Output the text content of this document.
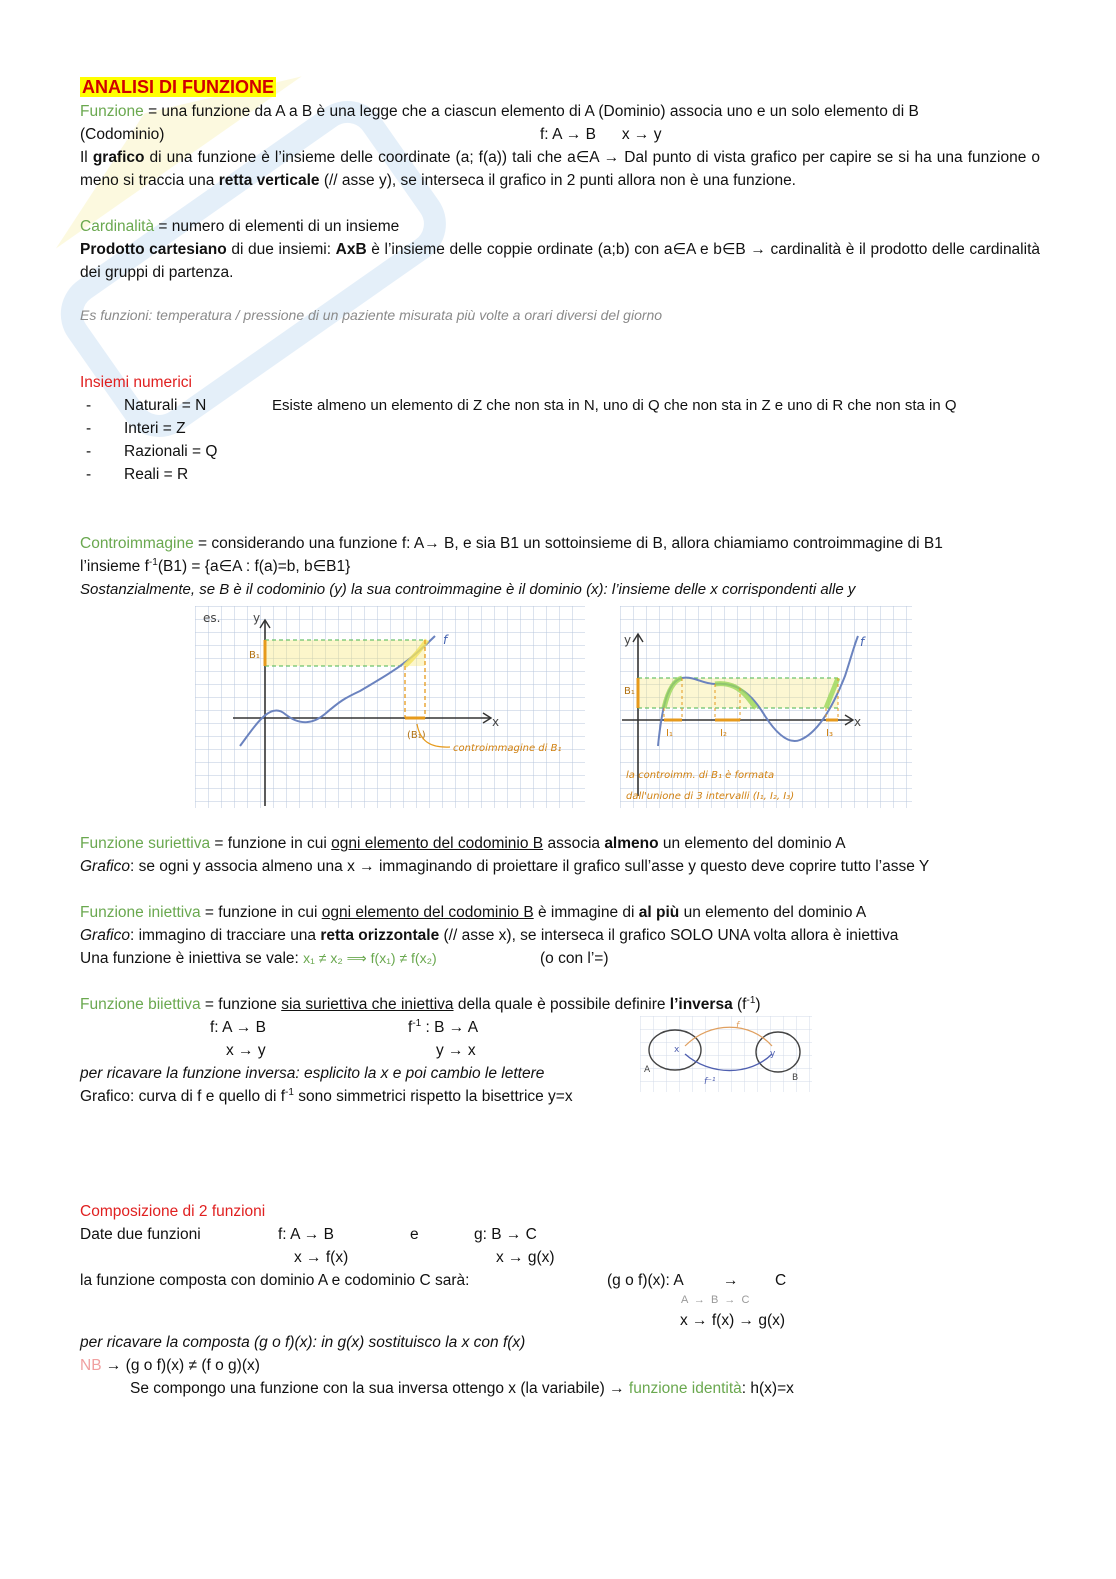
ANALISI DI FUNZIONE
Funzione = una funzione da A a B è una legge che a ciascun elemento di A (Dominio) associa uno e un solo elemento di B
(Codominio)	f: A → B      x → y
Il grafico di una funzione è l’insieme delle coordinate (a; f(a)) tali che a∈A → Dal punto di vista grafico per capire se si ha una funzione o meno si traccia una retta verticale (// asse y), se interseca il grafico in 2 punti allora non è una funzione.
Cardinalità = numero di elementi di un insieme
Prodotto cartesiano di due insiemi: AxB è l’insieme delle coppie ordinate (a;b) con a∈A e b∈B → cardinalità è il prodotto delle cardinalità dei gruppi di partenza.
Es funzioni: temperatura / pressione di un paziente misurata più volte a orari diversi del giorno
Insiemi numerici
- Naturali = N
- Interi = Z
- Razionali = Q
- Reali = R
Esiste almeno un elemento di Z che non sta in N, uno di Q che non sta in Z e uno di R che non sta in Q
Controimmagine = considerando una funzione f: A→ B, e sia B1 un sottoinsieme di B, allora chiamiamo controimmagine di B1
l’insieme $f^{-1}(B1)$ = {a∈A : f(a)=b, b∈B1}
Sostanzialmente, se B è il codominio (y) la sua controimmagine è il dominio (x): l’insieme delle x corrispondenti alle y
es.	y
x
B₁
f
(B₁)
controimmagine di B₁
y
x
B₁
f
I₁	I₂	I₃
la controimm. di B₁ è formata
dall'unione di 3 intervalli (I₁, I₂, I₃)
Funzione suriettiva = funzione in cui ogni elemento del codominio B associa almeno un elemento del dominio A
Grafico: se ogni y associa almeno una x → immaginando di proiettare il grafico sull’asse y questo deve coprire tutto l’asse Y
Funzione iniettiva = funzione in cui ogni elemento del codominio B è immagine di al più un elemento del dominio A
Grafico: immagino di tracciare una retta orizzontale (// asse x), se interseca il grafico SOLO UNA volta allora è iniettiva
Una funzione è iniettiva se vale: x₁ ≠ x₂ ⟹ f(x₁) ≠ f(x₂)	(o con l’=)
Funzione biiettiva = funzione sia suriettiva che iniettiva della quale è possibile definire l’inversa $(f^{-1})$
f: A → B
x → y
$f^{-1}$ : B → A
y → x
per ricavare la funzione inversa: esplicito la x e poi cambio le lettere
Grafico: curva di f e quello di $f^{-1}$ sono simmetrici rispetto la bisettrice y=x
Composizione di 2 funzioni
Date due funzioni	f: A → B
x → f(x)
e	g: B → C
x → g(x)
la funzione composta con dominio A e codominio C sarà:	(g o f)(x): A	→ C
A  →  B  →  C
x → f(x) → g(x)
per ricavare la composta (g o f)(x): in g(x) sostituisco la x con f(x)
NB → (g o f)(x) ≠ (f o g)(x)
Se compongo una funzione con la sua inversa ottengo x (la variabile) → funzione identità: h(x)=x
A
B
x	y
f
f⁻¹
